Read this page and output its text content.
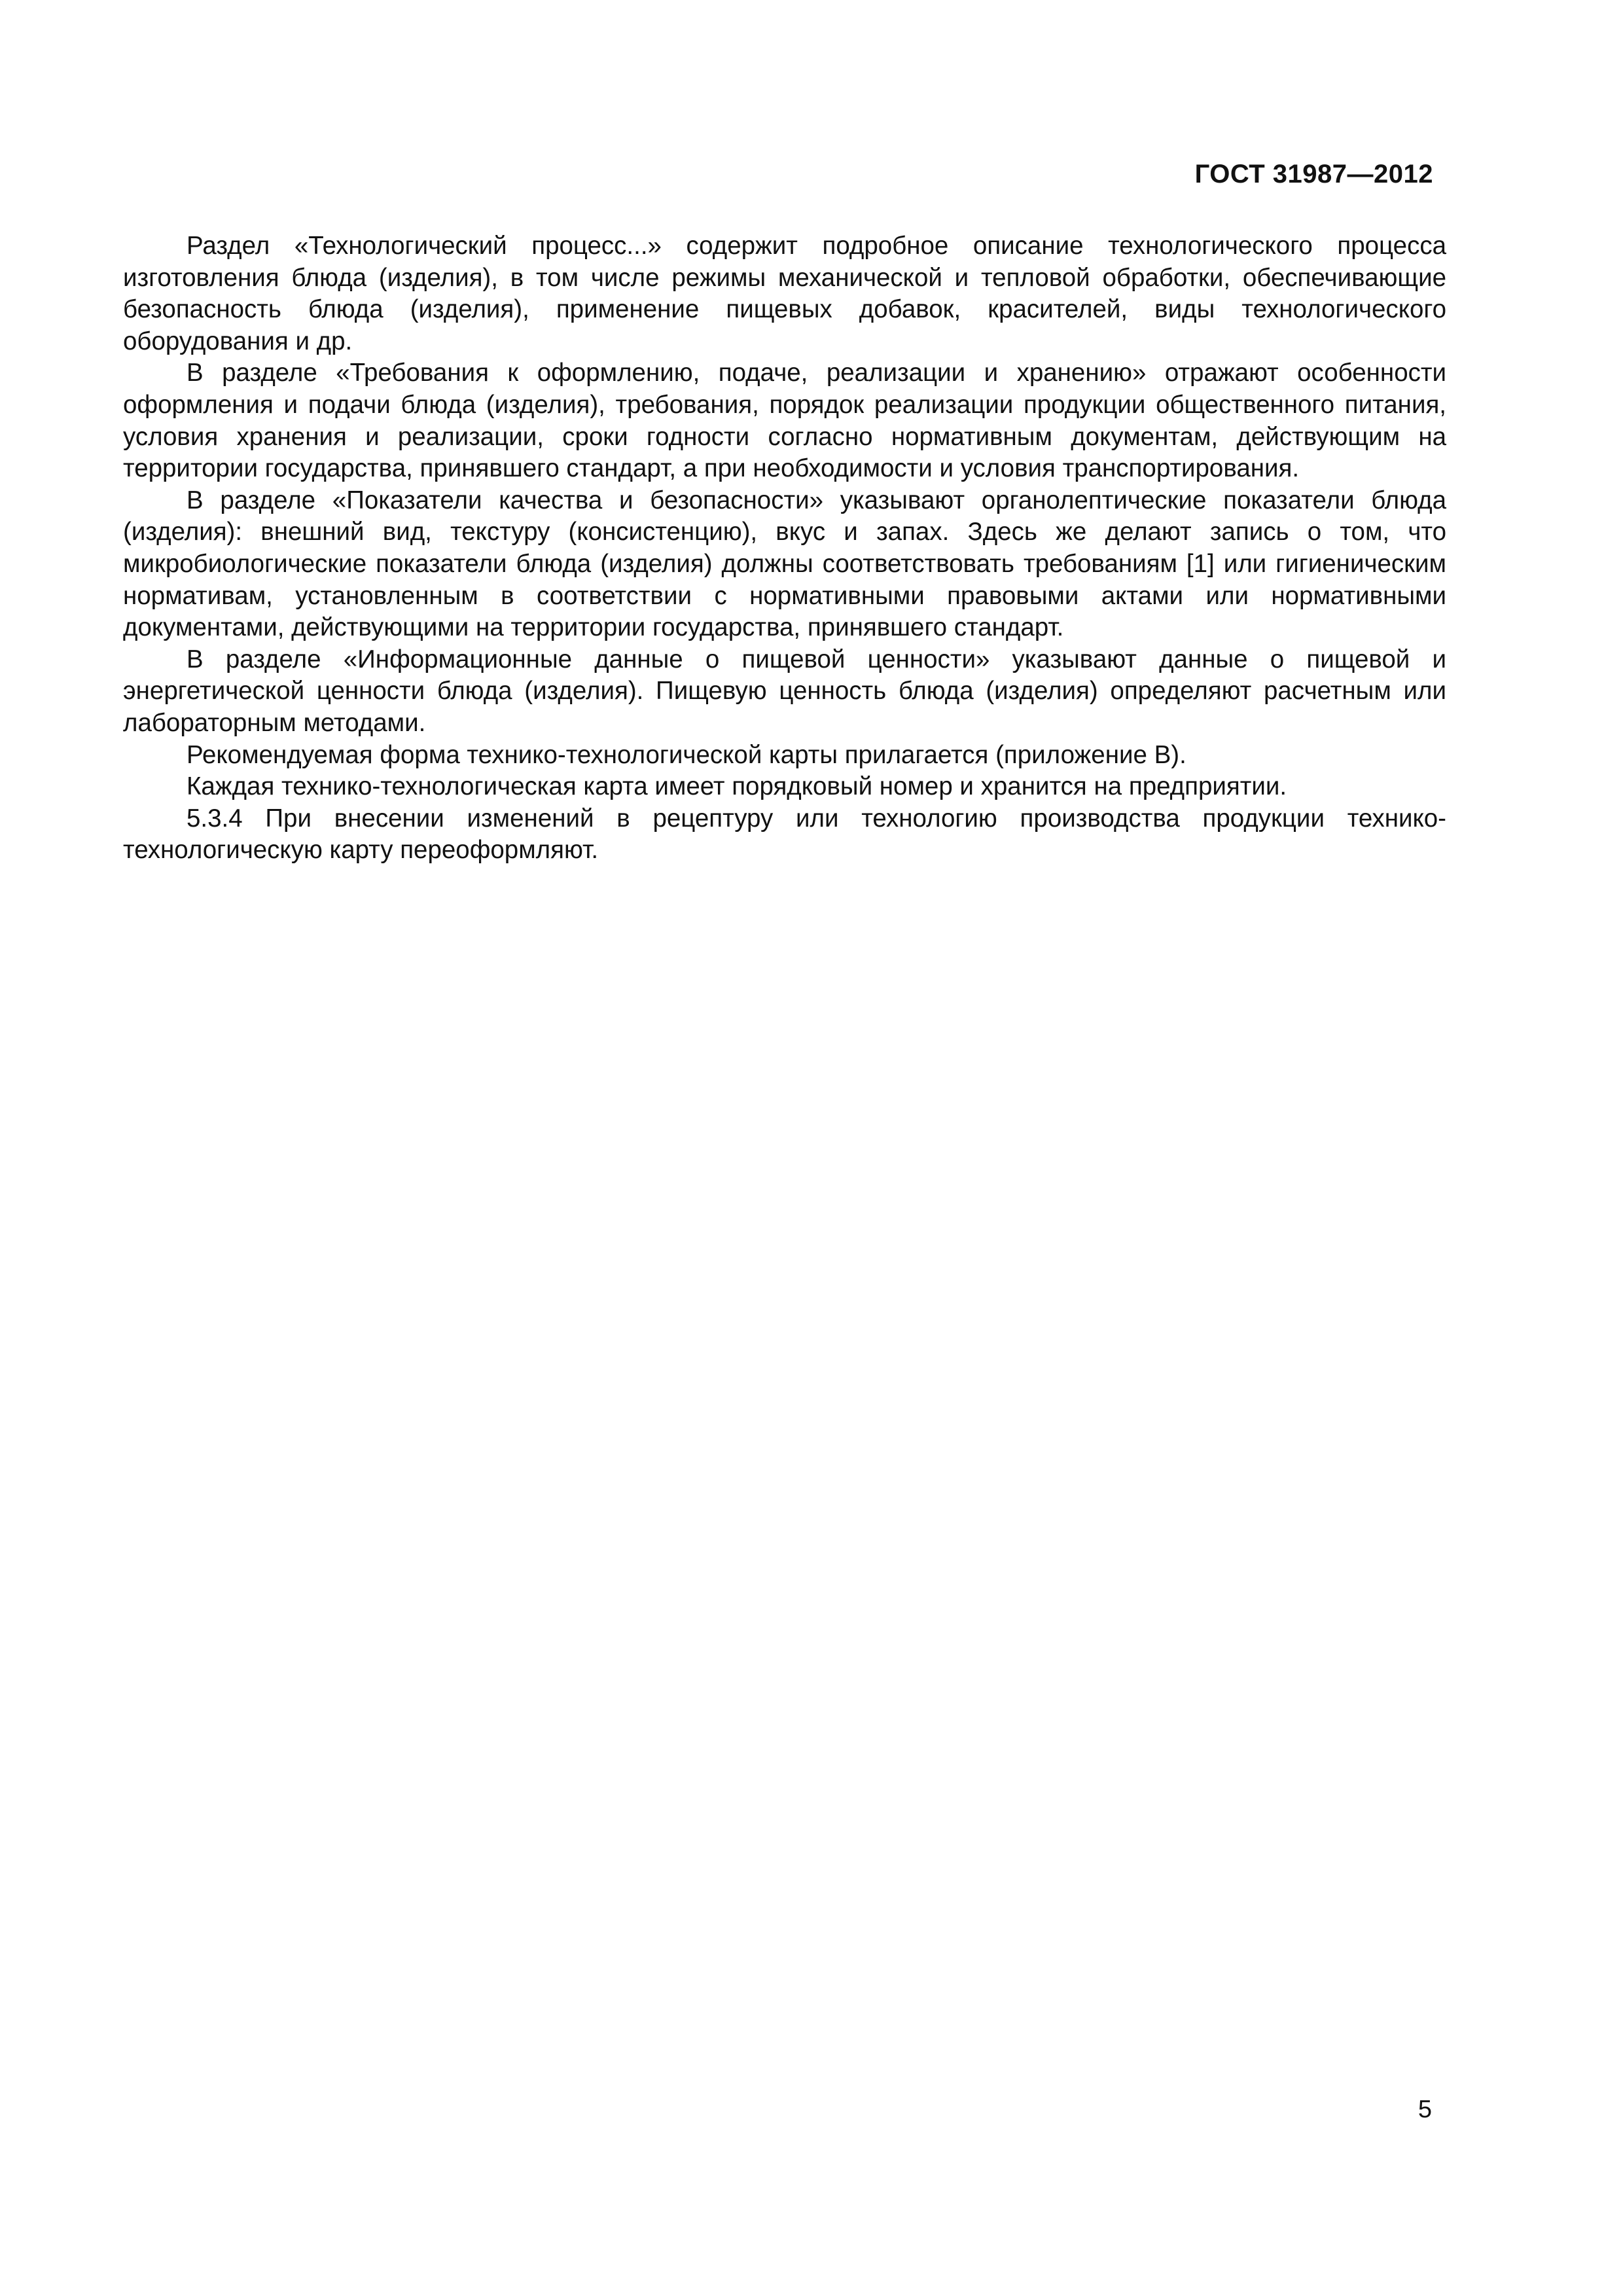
ГОСТ 31987—2012

Раздел «Технологический процесс...» содержит подробное описание технологического процесса изготовления блюда (изделия), в том числе режимы механической и тепловой обработки, обеспечивающие безопасность блюда (изделия), применение пищевых добавок, красителей, виды технологического оборудования и др.

В разделе «Требования к оформлению, подаче, реализации и хранению» отражают особенности оформления и подачи блюда (изделия), требования, порядок реализации продукции общественного питания, условия хранения и реализации, сроки годности согласно нормативным документам, действующим на территории государства, принявшего стандарт, а при необходимости и условия транспортирования.

В разделе «Показатели качества и безопасности» указывают органолептические показатели блюда (изделия): внешний вид, текстуру (консистенцию), вкус и запах. Здесь же делают запись о том, что микробиологические показатели блюда (изделия) должны соответствовать требованиям [1] или гигиеническим нормативам, установленным в соответствии с нормативными правовыми актами или нормативными документами, действующими на территории государства, принявшего стандарт.

В разделе «Информационные данные о пищевой ценности» указывают данные о пищевой и энергетической ценности блюда (изделия). Пищевую ценность блюда (изделия) определяют расчетным или лабораторным методами.

Рекомендуемая форма технико-технологической карты прилагается (приложение В).

Каждая технико-технологическая карта имеет порядковый номер и хранится на предприятии.

5.3.4 При внесении изменений в рецептуру или технологию производства продукции технико-технологическую карту переоформляют.

5
